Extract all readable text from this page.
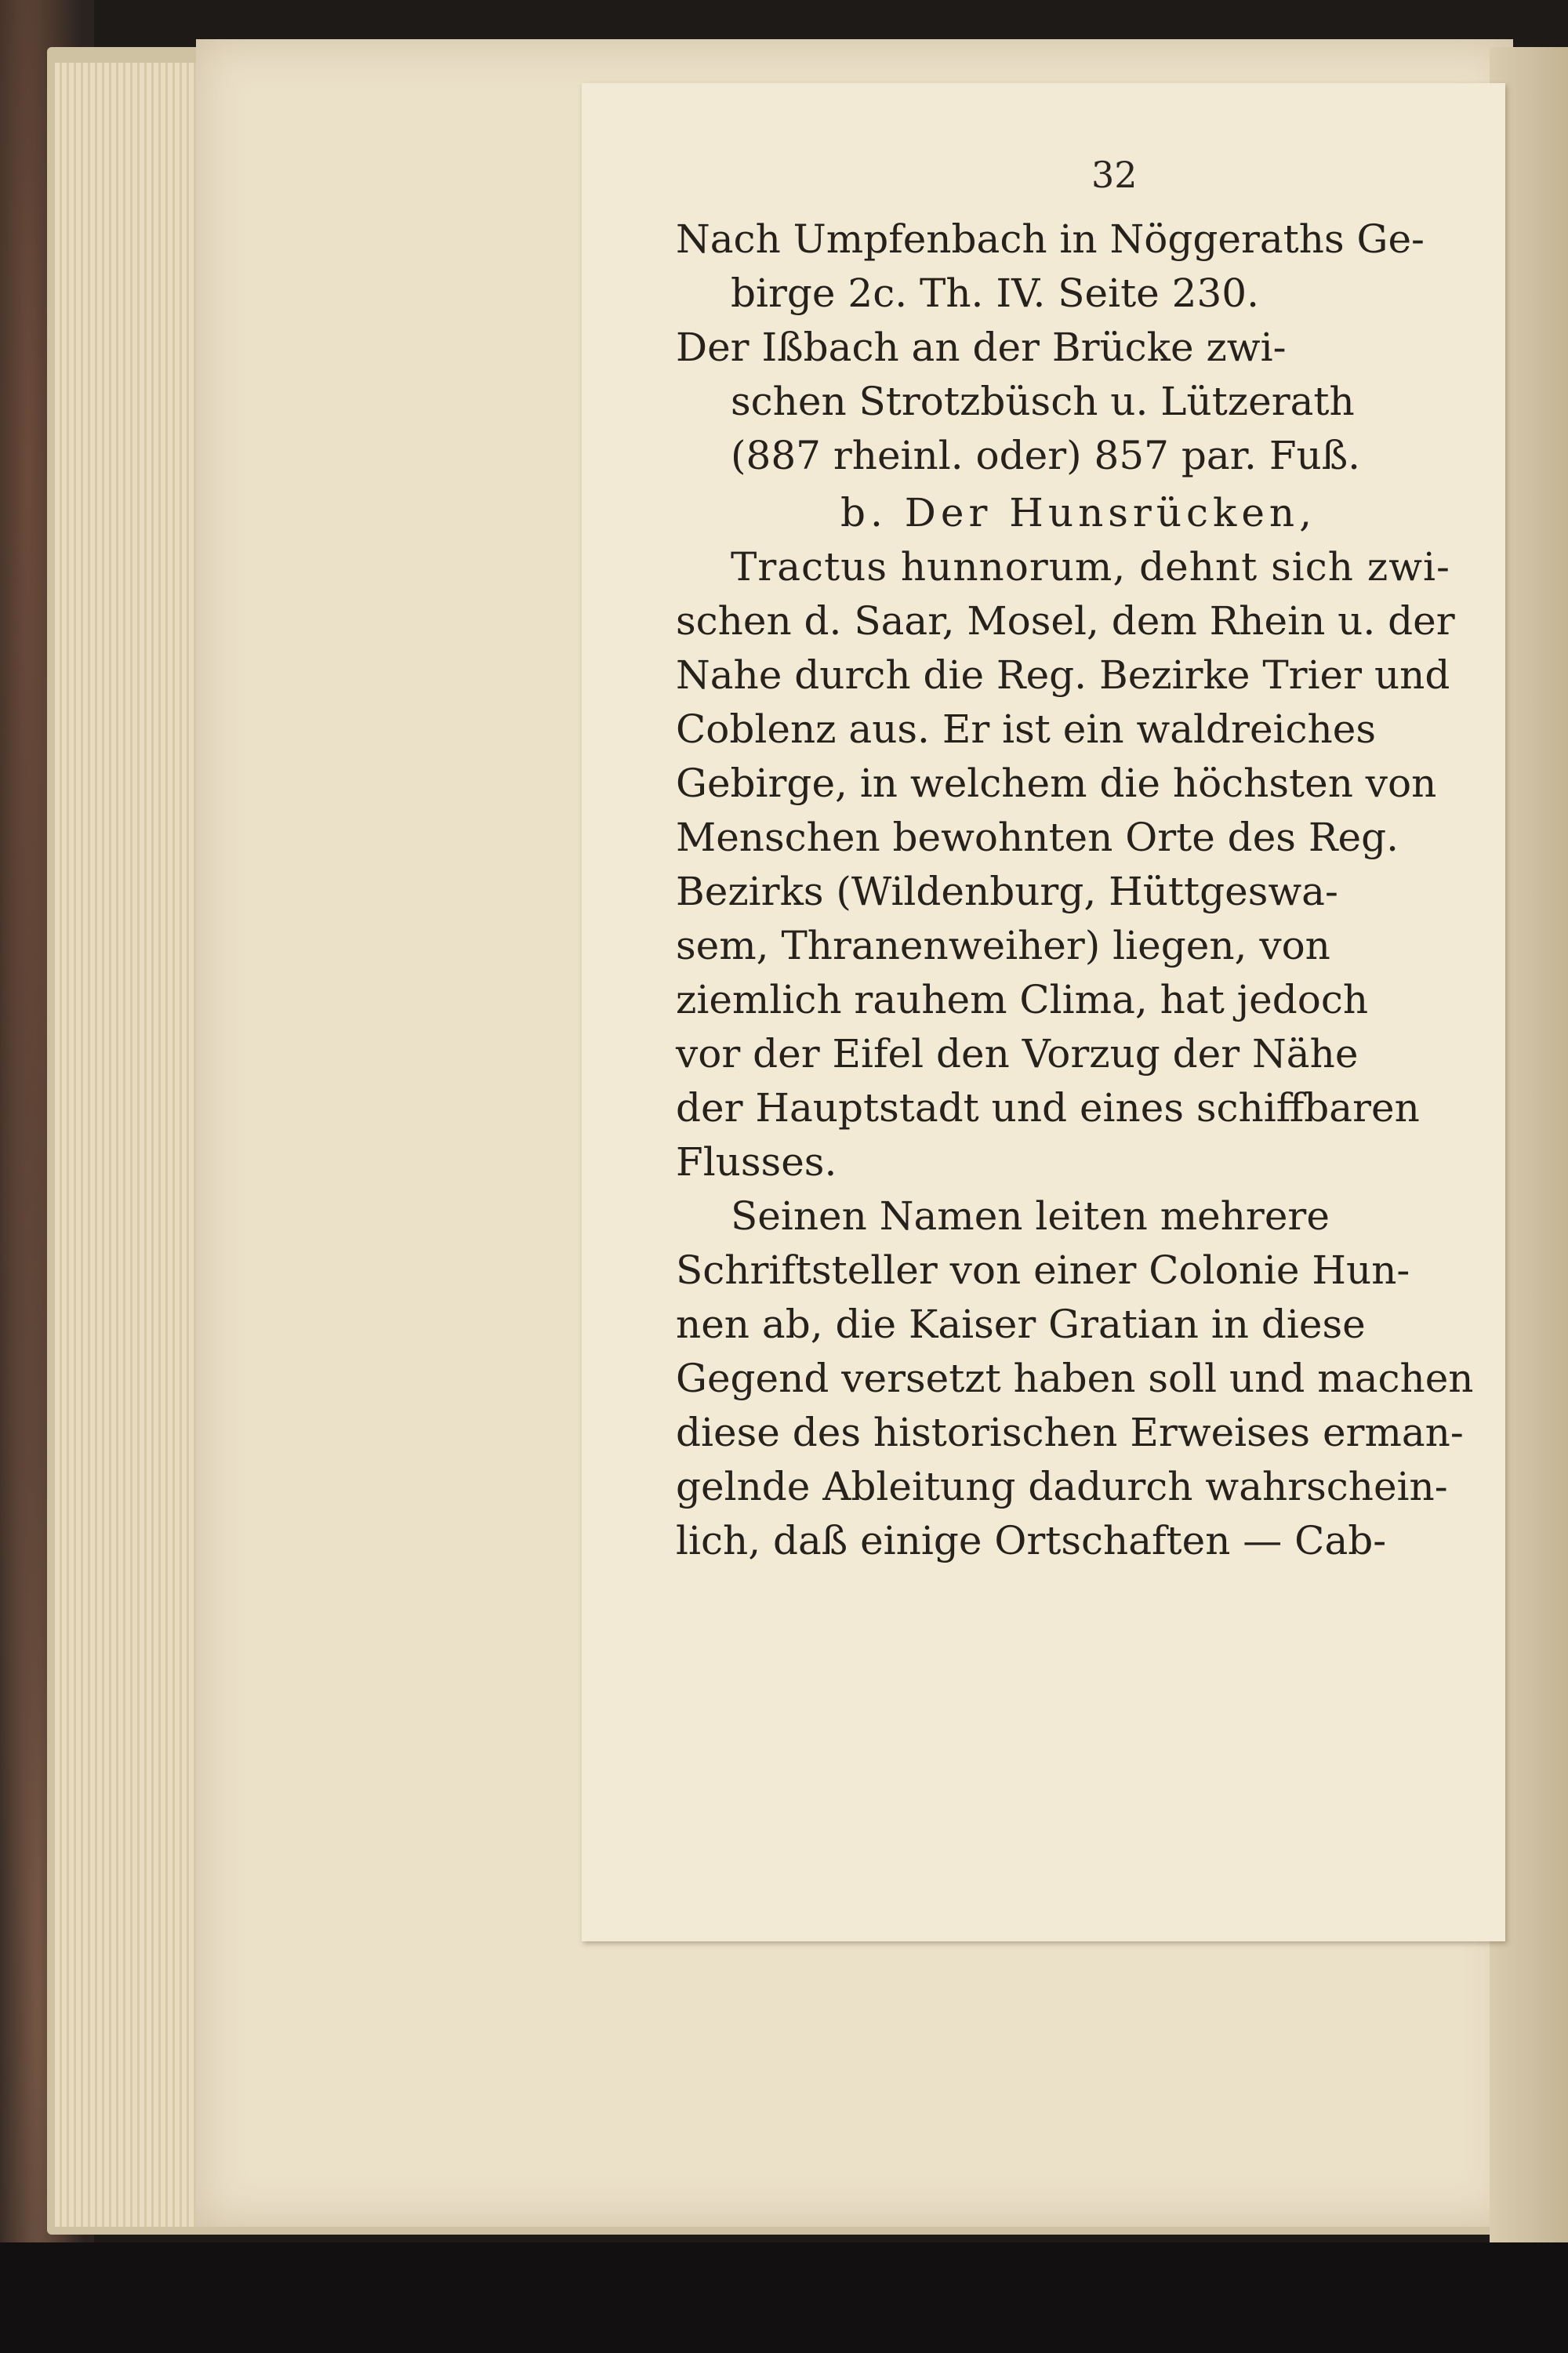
32
Nach Umpfenbach in Nöggeraths Ge-
birge 2c. Th. IV. Seite 230.
Der Ißbach an der Brücke zwi-
schen Strotzbüsch u. Lützerath
(887 rheinl. oder) 857 par. Fuß.
b. Der Hunsrücken,
Tractus hunnorum, dehnt sich zwi-
schen d. Saar, Mosel, dem Rhein u. der
Nahe durch die Reg. Bezirke Trier und
Coblenz aus. Er ist ein waldreiches
Gebirge, in welchem die höchsten von
Menschen bewohnten Orte des Reg.
Bezirks (Wildenburg, Hüttgeswa-
sem, Thranenweiher) liegen, von
ziemlich rauhem Clima, hat jedoch
vor der Eifel den Vorzug der Nähe
der Hauptstadt und eines schiffbaren
Flusses.
Seinen Namen leiten mehrere
Schriftsteller von einer Colonie Hun-
nen ab, die Kaiser Gratian in diese
Gegend versetzt haben soll und machen
diese des historischen Erweises erman-
gelnde Ableitung dadurch wahrschein-
lich, daß einige Ortschaften — Cab-
